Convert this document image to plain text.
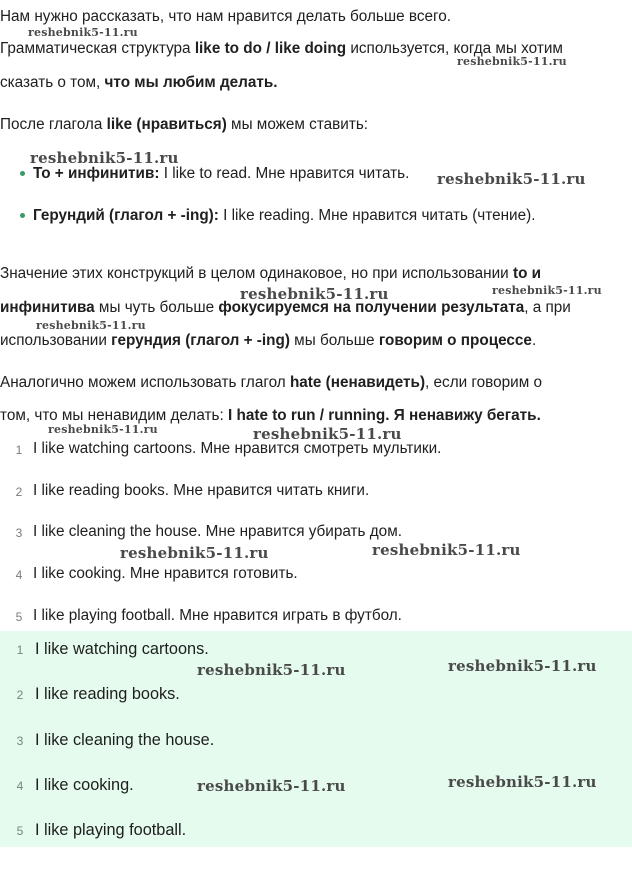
Нам нужно рассказать, что нам нравится делать больше всего.
Грамматическая структура like to do / like doing используется, когда мы хотим
сказать о том, что мы любим делать.
После глагола like (нравиться) мы можем ставить:
To + инфинитив: I like to read. Мне нравится читать.
Герундий (глагол + -ing): I like reading. Мне нравится читать (чтение).
Значение этих конструкций в целом одинаковое, но при использовании to и
инфинитива мы чуть больше фокусируемся на получении результата, а при
использовании герундия (глагол + -ing) мы больше говорим о процессе.
Аналогично можем использовать глагол hate (ненавидеть), если говорим о
том, что мы ненавидим делать: I hate to run / running. Я ненавижу бегать.
1 I like watching cartoons. Мне нравится смотреть мультики.
2 I like reading books. Мне нравится читать книги.
3 I like cleaning the house. Мне нравится убирать дом.
4 I like cooking. Мне нравится готовить.
5 I like playing football. Мне нравится играть в футбол.
1 I like watching cartoons.
2 I like reading books.
3 I like cleaning the house.
4 I like cooking.
5 I like playing football.
reshebnik5-11.ru
reshebnik5-11.ru
reshebnik5-11.ru
reshebnik5-11.ru
reshebnik5-11.ru
reshebnik5-11.ru
reshebnik5-11.ru
reshebnik5-11.ru	reshebnik5-11.ru
reshebnik5-11.ru	reshebnik5-11.ru
reshebnik5-11.ru	reshebnik5-11.ru
reshebnik5-11.ru	reshebnik5-11.ru
